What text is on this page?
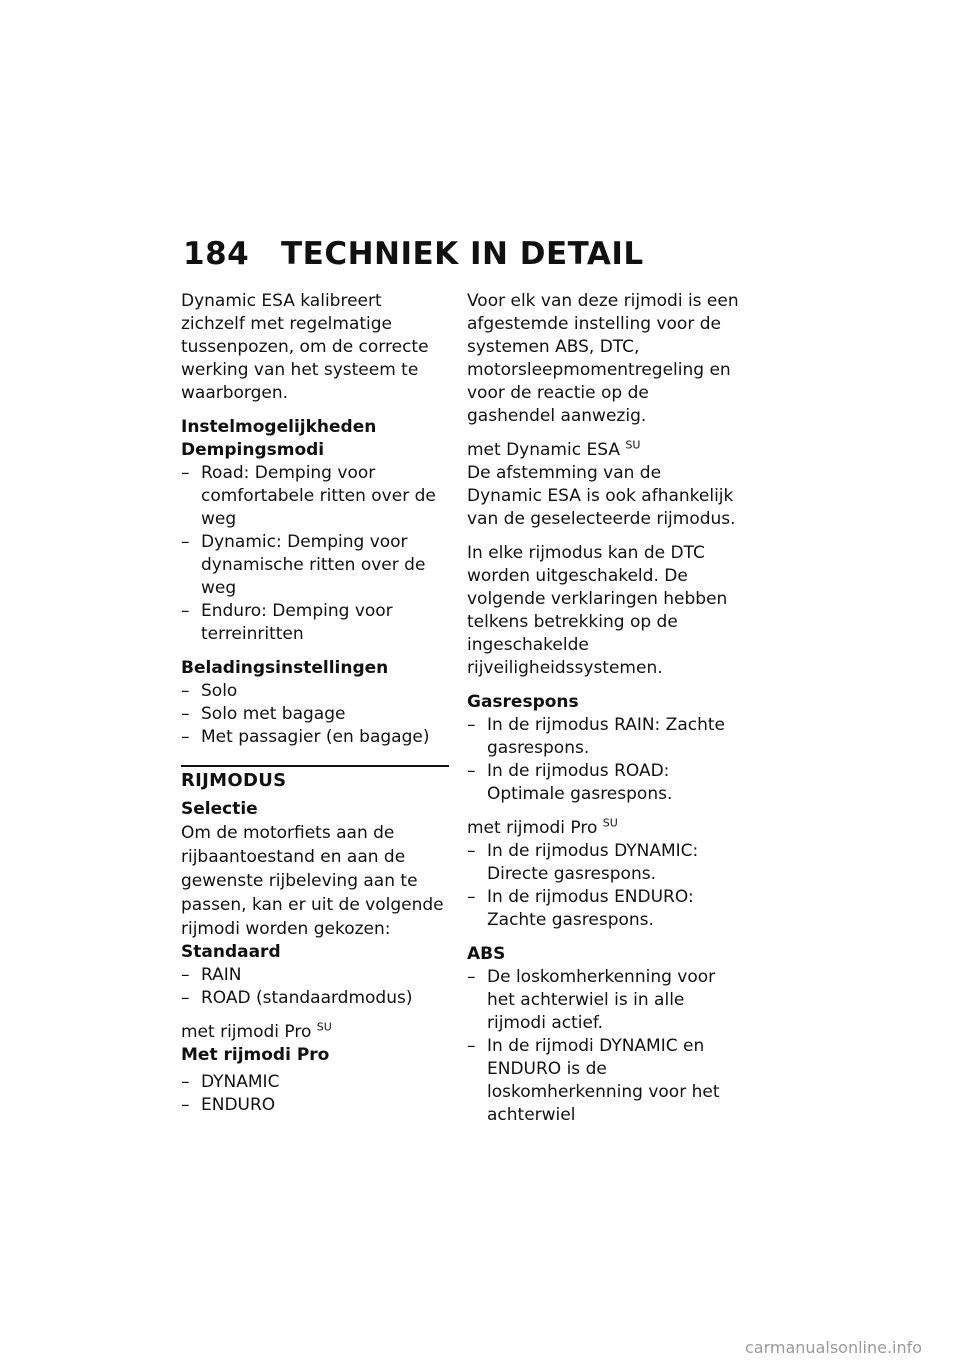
184	TECHNIEK IN DETAIL

Dynamic ESA kalibreert zichzelf met regelmatige tussenpozen, om de correcte werking van het systeem te waarborgen.

Instelmogelijkheden
Dempingsmodi
– Road: Demping voor comfortabele ritten over de weg
– Dynamic: Demping voor dynamische ritten over de weg
– Enduro: Demping voor terreinritten
Beladingsinstellingen
– Solo
– Solo met bagage
– Met passagier (en bagage)
RIJMODUS
Selectie

Om de motorfiets aan de rijbaantoestand en aan de gewenste rijbeleving aan te passen, kan er uit de volgende rijmodi worden gekozen:

Standaard
– RAIN
– ROAD (standaardmodus)
met rijmodi Pro $^{SU}$
Met rijmodi Pro
– DYNAMIC
– ENDURO

Voor elk van deze rijmodi is een afgestemde instelling voor de systemen ABS, DTC, motorsleepmomentregeling en voor de reactie op de gashendel aanwezig.

met Dynamic ESA $^{SU}$

De afstemming van de Dynamic ESA is ook afhankelijk van de geselecteerde rijmodus.

In elke rijmodus kan de DTC worden uitgeschakeld. De volgende verklaringen hebben telkens betrekking op de ingeschakelde rijveiligheidssystemen.

Gasrespons
– In de rijmodus RAIN: Zachte gasrespons.
– In de rijmodus ROAD: Optimale gasrespons.
met rijmodi Pro $^{SU}$
– In de rijmodus DYNAMIC: Directe gasrespons.
– In de rijmodus ENDURO: Zachte gasrespons.
ABS
– De loskomherkenning voor het achterwiel is in alle rijmodi actief.
– In de rijmodi DYNAMIC en ENDURO is de loskomherkenning voor het achterwiel
carmanualsonline.info
